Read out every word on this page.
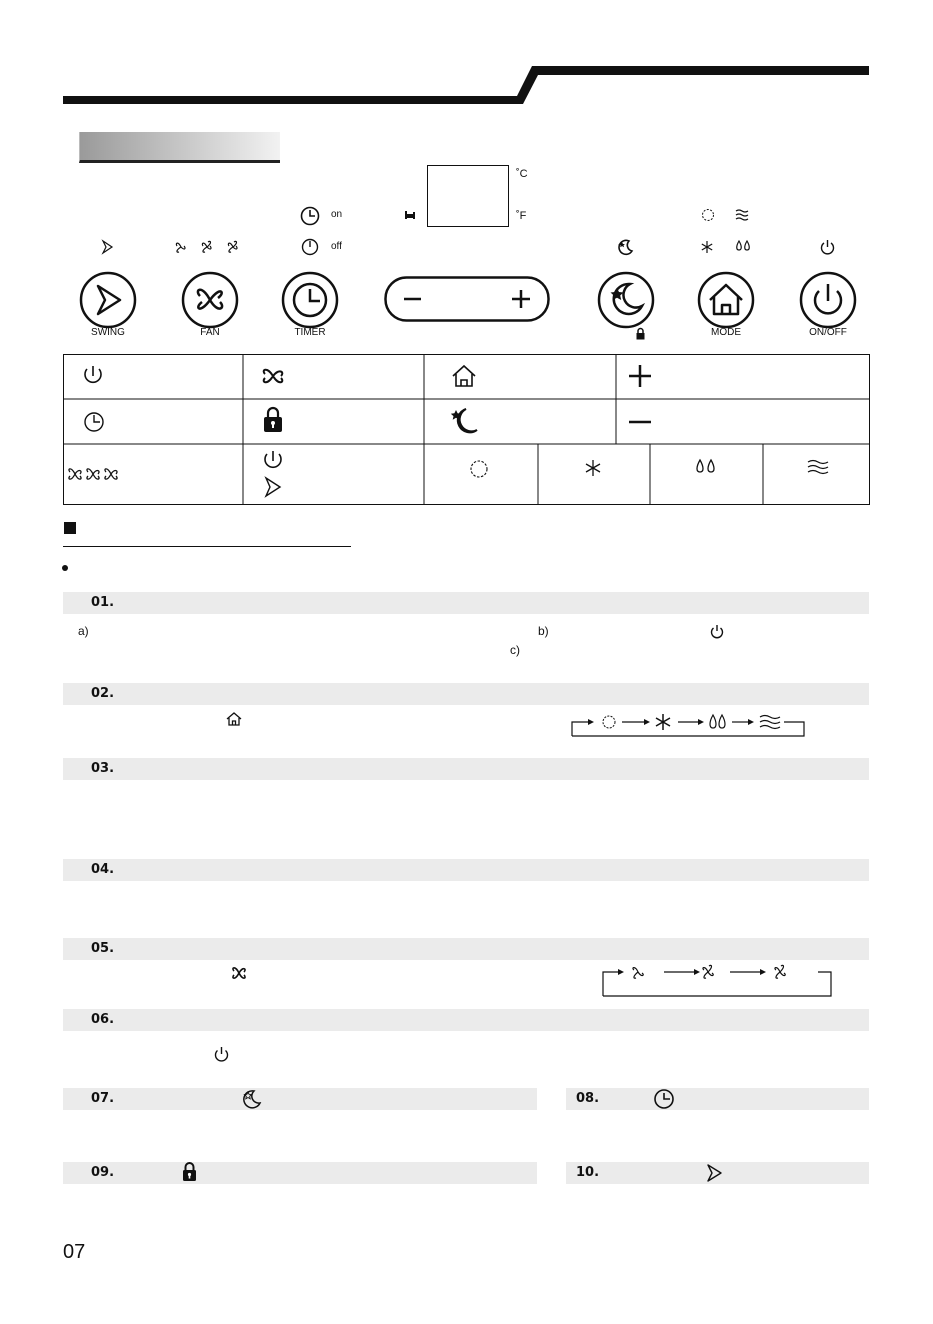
˚C
˚F
on
off
SWING	FAN	TIMER	MODE	ON/OFF
01.
a)	b)
c)
02.
03.
04.
05.
06.
07.	08.
09.	10.
07
